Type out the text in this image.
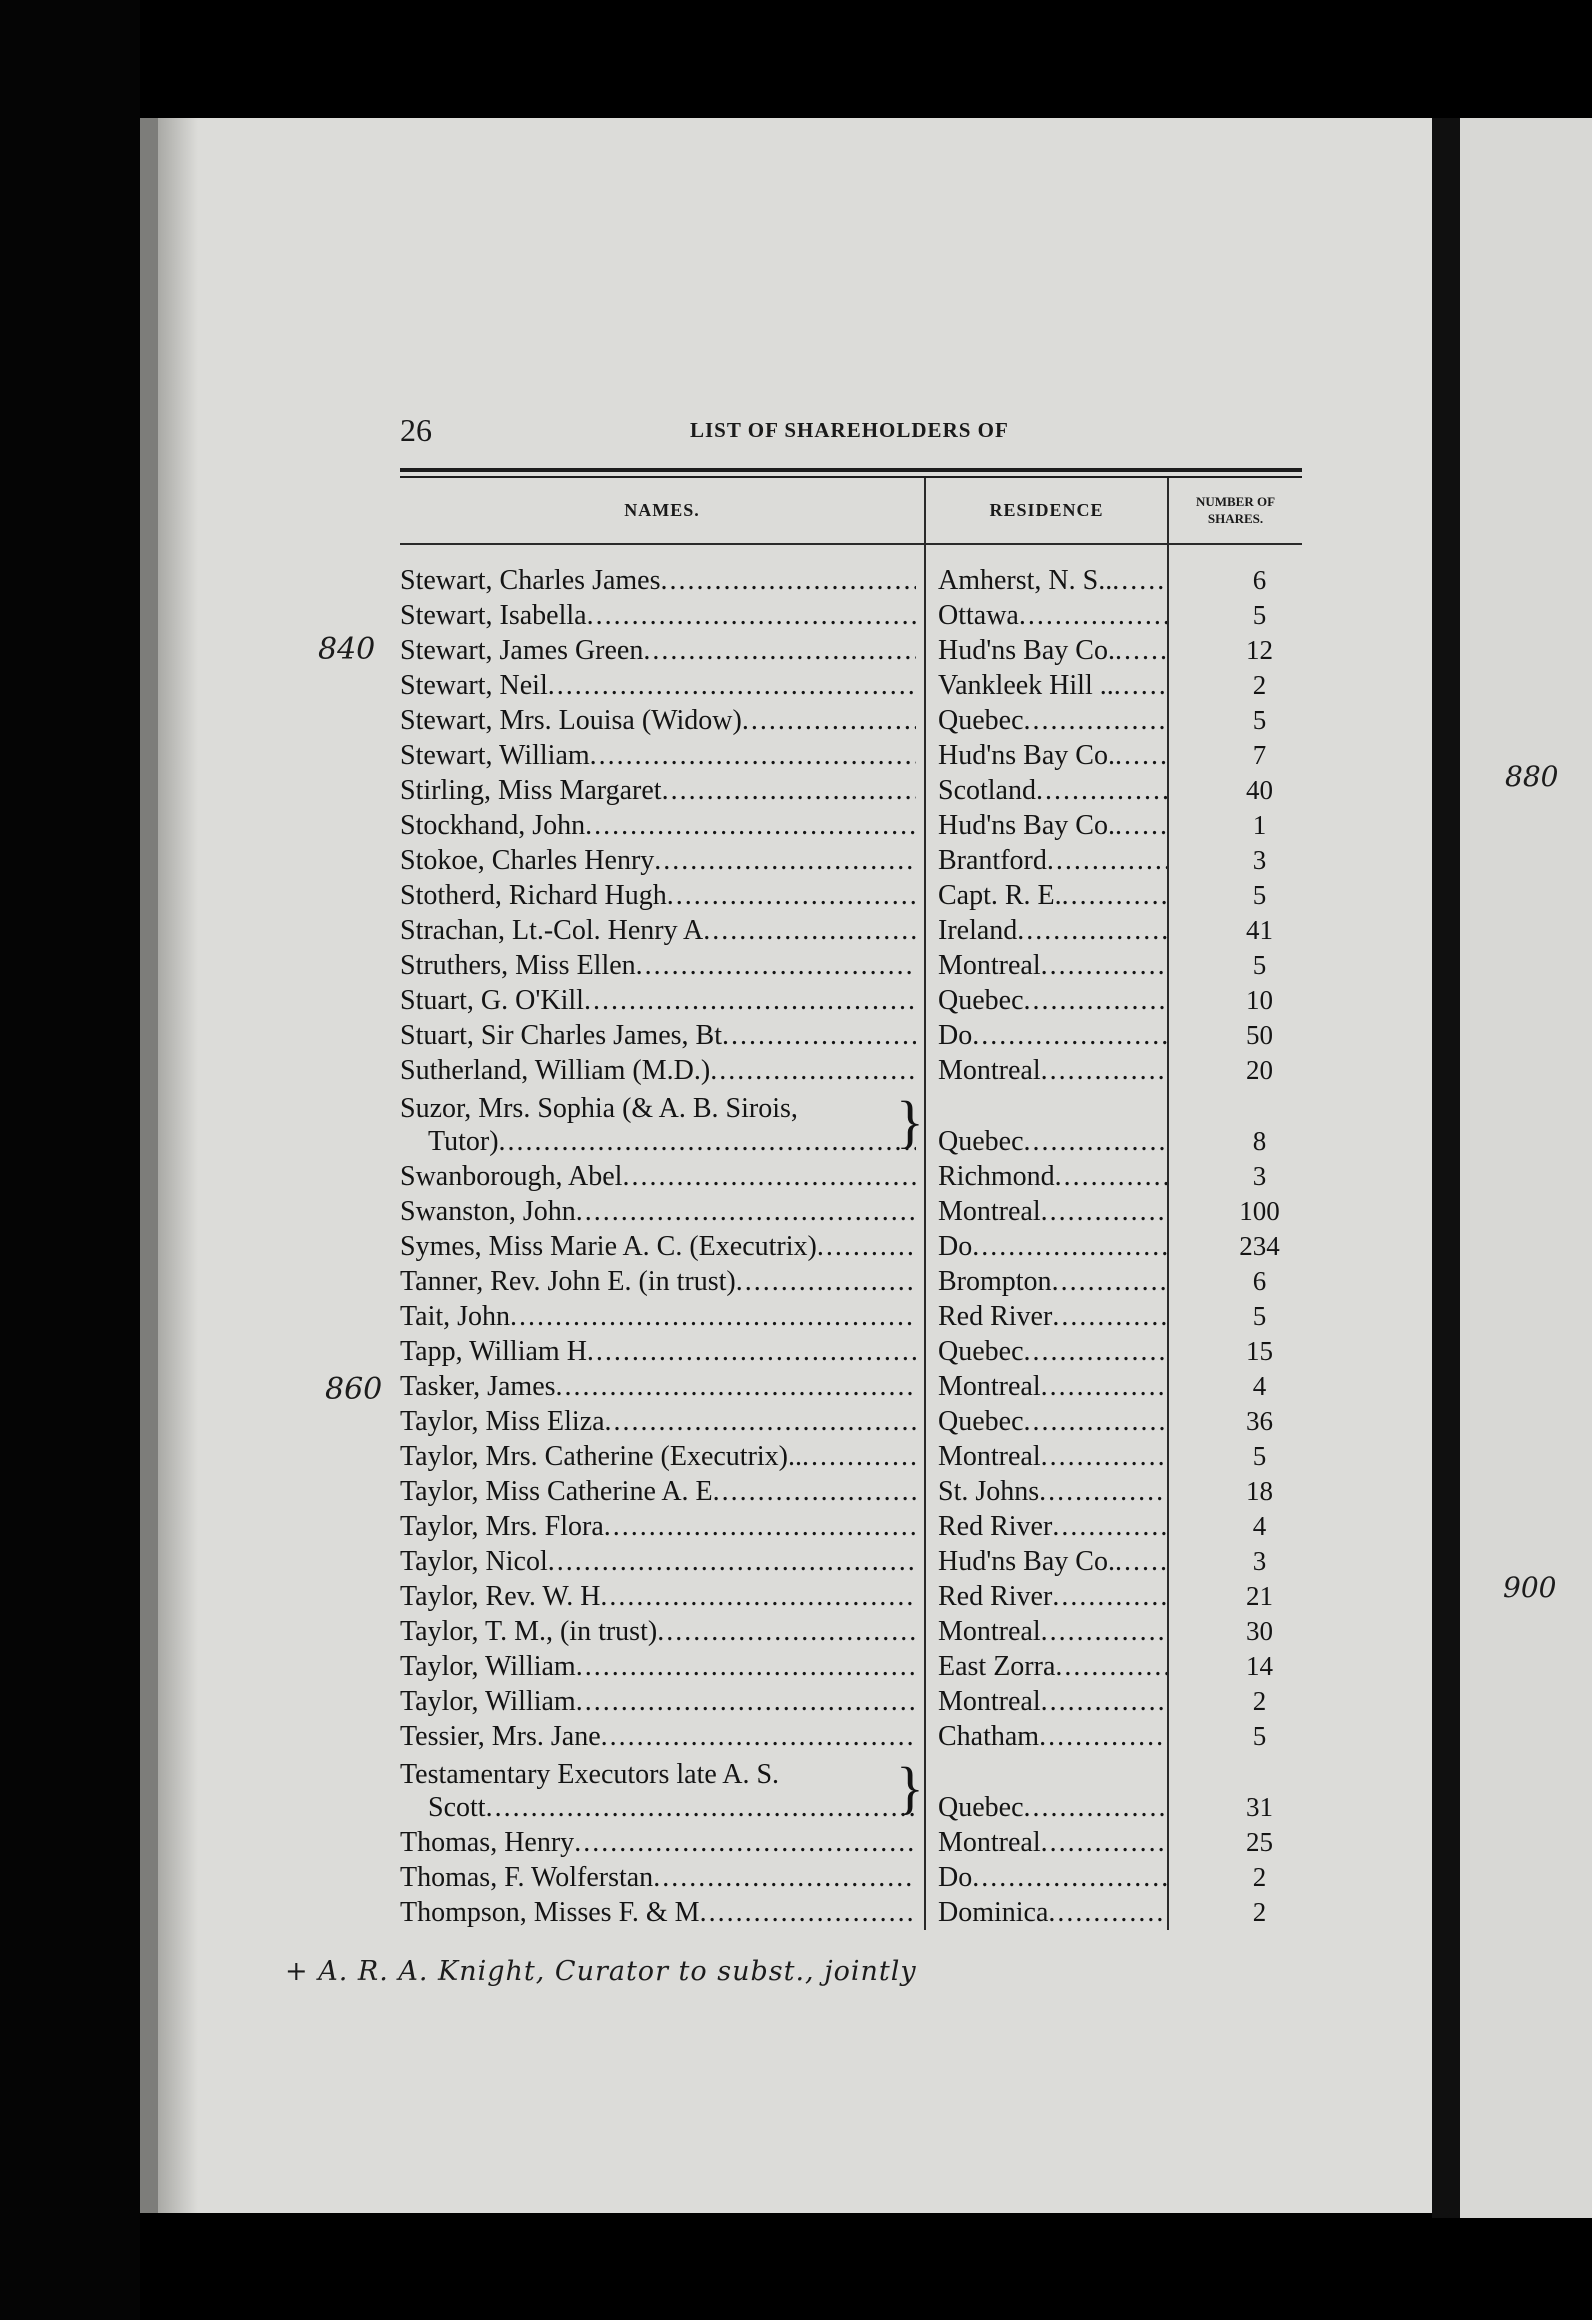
26	LIST OF SHAREHOLDERS OF
NAMES.	RESIDENCE	NUMBER OF
SHARES.
Stewart, Charles James .....	Amherst, N. S.. .....	6
Stewart, Isabella .....	Ottawa .....	5
Stewart, James Green .....	Hud'ns Bay Co. .....	12
Stewart, Neil .....	Vankleek Hill .. .....	2
Stewart, Mrs. Louisa (Widow) .....	Quebec .....	5
Stewart, William .....	Hud'ns Bay Co. .....	7
Stirling, Miss Margaret .....	Scotland .....	40
Stockhand, John .....	Hud'ns Bay Co. .....	1
Stokoe, Charles Henry .....	Brantford .....	3
Stotherd, Richard Hugh .....	Capt. R. E. .....	5
Strachan, Lt.-Col. Henry A .....	Ireland .....	41
Struthers, Miss Ellen .....	Montreal .....	5
Stuart, G. O'Kill .....	Quebec .....	10
Stuart, Sir Charles James, Bt .....	Do .....	50
Sutherland, William (M.D.) .....	Montreal .....	20
Suzor, Mrs. Sophia (& A. B. Sirois,
Tutor) .....	Quebec .....	8
}
Swanborough, Abel .....	Richmond .....	3
Swanston, John .....	Montreal .....	100
Symes, Miss Marie A. C. (Executrix) .....	Do .....	234
Tanner, Rev. John E. (in trust) .....	Brompton .....	6
Tait, John .....	Red River .....	5
Tapp, William H .....	Quebec .....	15
Tasker, James .....	Montreal .....	4
Taylor, Miss Eliza .....	Quebec .....	36
Taylor, Mrs. Catherine (Executrix).. .....	Montreal .....	5
Taylor, Miss Catherine A. E .....	St. Johns .....	18
Taylor, Mrs. Flora .....	Red River .....	4
Taylor, Nicol .....	Hud'ns Bay Co. .....	3
Taylor, Rev. W. H .....	Red River .....	21
Taylor, T. M., (in trust) .....	Montreal .....	30
Taylor, William .....	East Zorra .....	14
Taylor, William .....	Montreal .....	2
Tessier, Mrs. Jane .....	Chatham .....	5
Testamentary Executors late A. S.
Scott .....	Quebec .....	31
}
Thomas, Henry .....	Montreal .....	25
Thomas, F. Wolferstan .....	Do .....	2
Thompson, Misses F. & M .....	Dominica .....	2
840
860
880
900
+ A. R. A. Knight, Curator to subst., jointly
